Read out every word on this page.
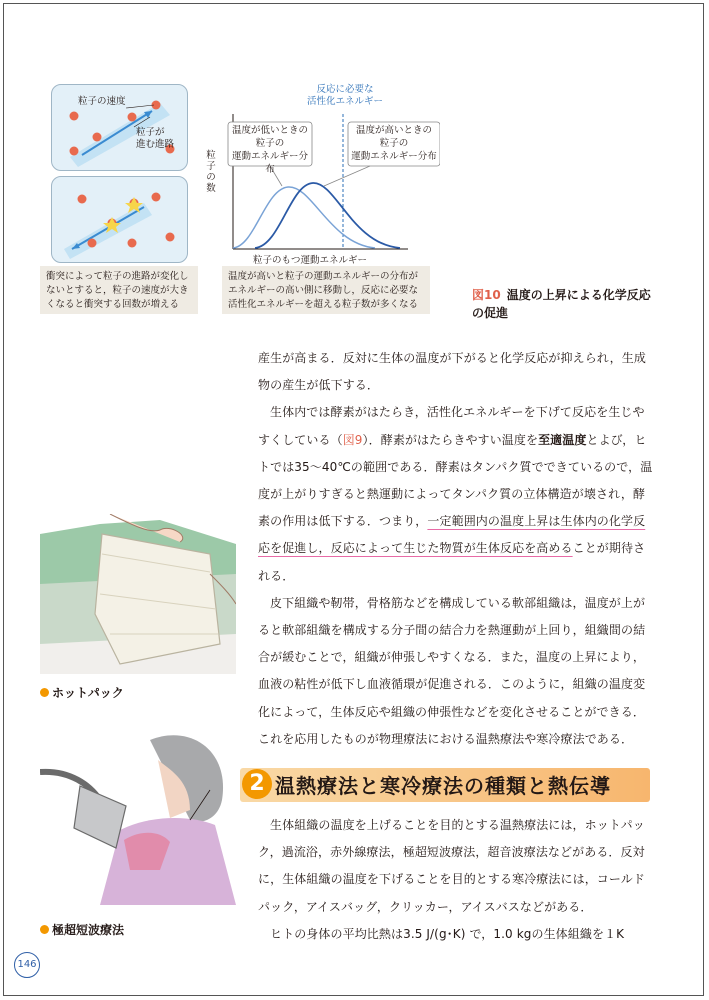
粒子の速度
粒子が
進む進路
衝突によって粒子の進路が変化し
ないとすると，粒子の速度が大き
くなると衝突する回数が増える
反応に必要な
活性化エネルギー
温度が低いときの
粒子の
運動エネルギー分布
温度が高いときの
粒子の
運動エネルギー分布
粒
子
の
数
粒子のもつ運動エネルギー
温度が高いと粒子の運動エネルギーの分布が
エネルギーの高い側に移動し，反応に必要な
活性化エネルギーを超える粒子数が多くなる
図10 温度の上昇による化学反応
の促進

産生が高まる．反対に生体の温度が下がると化学反応が抑えられ，生成物の産生が低下する．

生体内では酵素がはたらき，活性化エネルギーを下げて反応を生じやすくしている（図9）．酵素がはたらきやすい温度を至適温度とよび，ヒトでは35〜40℃の範囲である．酵素はタンパク質でできているので，温度が上がりすぎると熱運動によってタンパク質の立体構造が壊され，酵素の作用は低下する．つまり，一定範囲内の温度上昇は生体内の化学反応を促進し，反応によって生じた物質が生体反応を高めることが期待される．

皮下組織や靭帯，骨格筋などを構成している軟部組織は，温度が上がると軟部組織を構成する分子間の結合力を熱運動が上回り，組織間の結合が緩むことで，組織が伸張しやすくなる．また，温度の上昇により，血液の粘性が低下し血液循環が促進される．このように，組織の温度変化によって，生体反応や組織の伸張性などを変化させることができる．これを応用したものが物理療法における温熱療法や寒冷療法である．

2 温熱療法と寒冷療法の種類と熱伝導

生体組織の温度を上げることを目的とする温熱療法には，ホットパック，過流浴，赤外線療法，極超短波療法，超音波療法などがある．反対に，生体組織の温度を下げることを目的とする寒冷療法には，コールドパック，アイスバッグ，クリッカー，アイスバスなどがある．

ヒトの身体の平均比熱は3.5 J/(g･K) で，1.0 kgの生体組織を１K

ホットパック
極超短波療法
146
